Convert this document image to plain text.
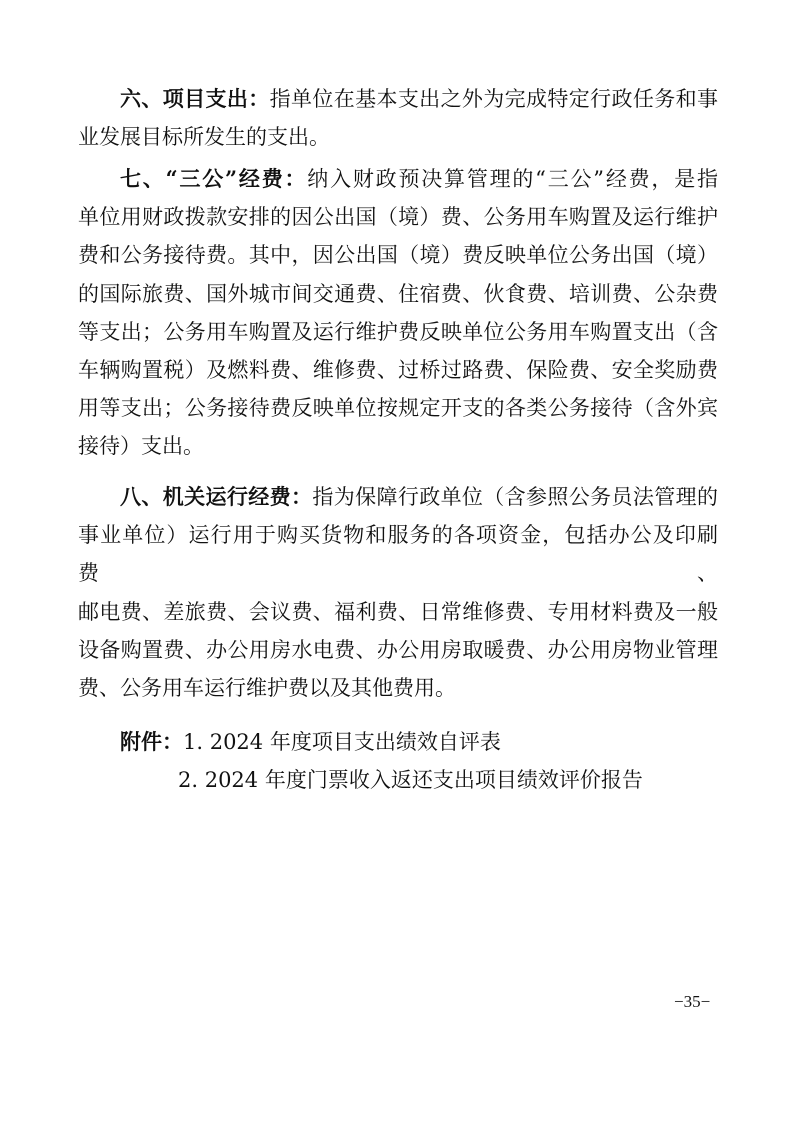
六、项目支出：指单位在基本支出之外为完成特定行政任务和事
业发展目标所发生的支出。

七、“三公”经费：纳入财政预决算管理的“三公”经费，是指
单位用财政拨款安排的因公出国（境）费、公务用车购置及运行维护
费和公务接待费。其中，因公出国（境）费反映单位公务出国（境）
的国际旅费、国外城市间交通费、住宿费、伙食费、培训费、公杂费
等支出；公务用车购置及运行维护费反映单位公务用车购置支出（含
车辆购置税）及燃料费、维修费、过桥过路费、保险费、安全奖励费
用等支出；公务接待费反映单位按规定开支的各类公务接待（含外宾
接待）支出。

八、机关运行经费：指为保障行政单位（含参照公务员法管理的
事业单位）运行用于购买货物和服务的各项资金，包括办公及印刷费、
邮电费、差旅费、会议费、福利费、日常维修费、专用材料费及一般
设备购置费、办公用房水电费、办公用房取暖费、办公用房物业管理
费、公务用车运行维护费以及其他费用。

附件：1. 2024 年度项目支出绩效自评表

2. 2024 年度门票收入返还支出项目绩效评价报告

−35−
